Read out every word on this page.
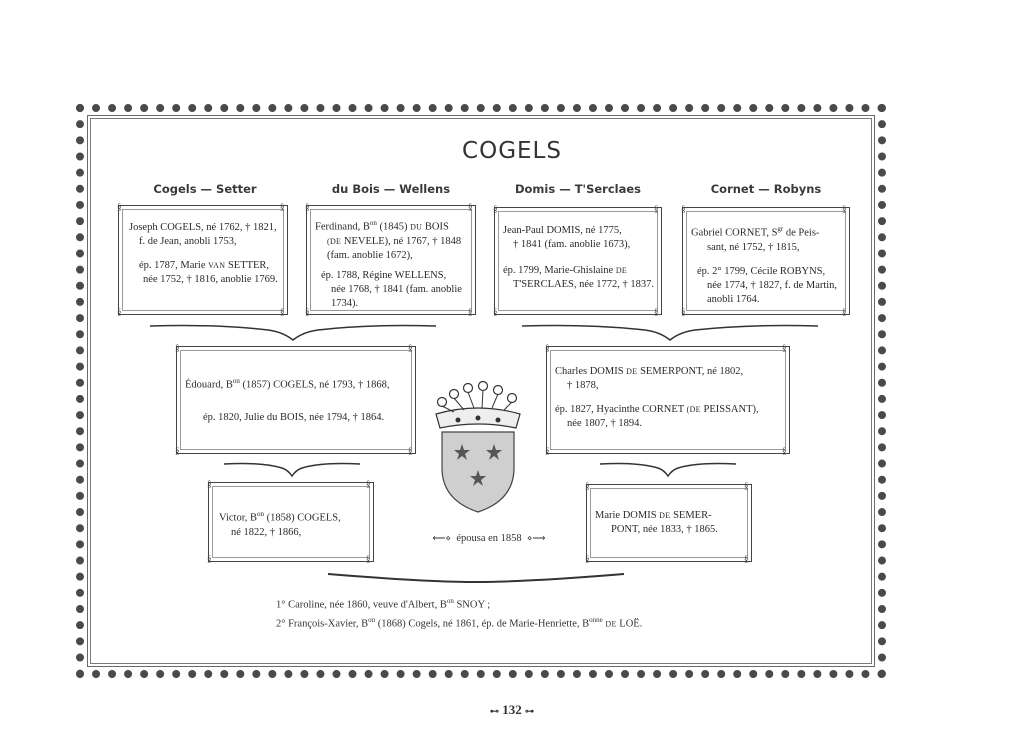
COGELS
Cogels — Setter	du Bois — Wellens	Domis — T'Serclaes	Cornet — Robyns
§	§
§	§
Joseph COGELS, né 1762, † 1821,
f. de Jean, anobli 1753,
ép. 1787, Marie VAN SETTER,
née 1752, † 1816, anoblie 1769.
§	§
§	§
Ferdinand, $B^{on}$ (1845) DU BOIS
(DE NEVELE), né 1767, † 1848
(fam. anoblie 1672),
ép. 1788, Régine WELLENS,
née 1768, † 1841 (fam. anoblie
1734).
§	§
§	§
Jean-Paul DOMIS, né 1775,
† 1841 (fam. anoblie 1673),
ép. 1799, Marie-Ghislaine DE
T'SERCLAES, née 1772, † 1837.
§	§
§	§
Gabriel CORNET, $S^{gr}$ de Peis-
sant, né 1752, † 1815,
ép. 2° 1799, Cécile ROBYNS,
née 1774, † 1827, f. de Martin,
anobli 1764.
§	§
§	§
Édouard, $B^{on}$ (1857) COGELS, né 1793, † 1868,
ép. 1820, Julie du BOIS, née 1794, † 1864.
§	§
§	§
Charles DOMIS DE SEMERPONT, né 1802,
† 1878,
ép. 1827, Hyacinthe CORNET (DE PEISSANT),
née 1807, † 1894.
§	§
§	§
Victor, $B^{on}$ (1858) COGELS,
né 1822, † 1866,
⟵⋄ épousa en 1858 ⋄⟶
§	§
§	§
Marie DOMIS DE SEMER-
PONT, née 1833, † 1865.
1° Caroline, née 1860, veuve d'Albert, $B^{on}$ SNOY ;
2° François-Xavier, $B^{on}$ (1868) Cogels, né 1861, ép. de Marie-Henriette, $B^{onne}$ DE LOË.
⊷ 132 ⊶
